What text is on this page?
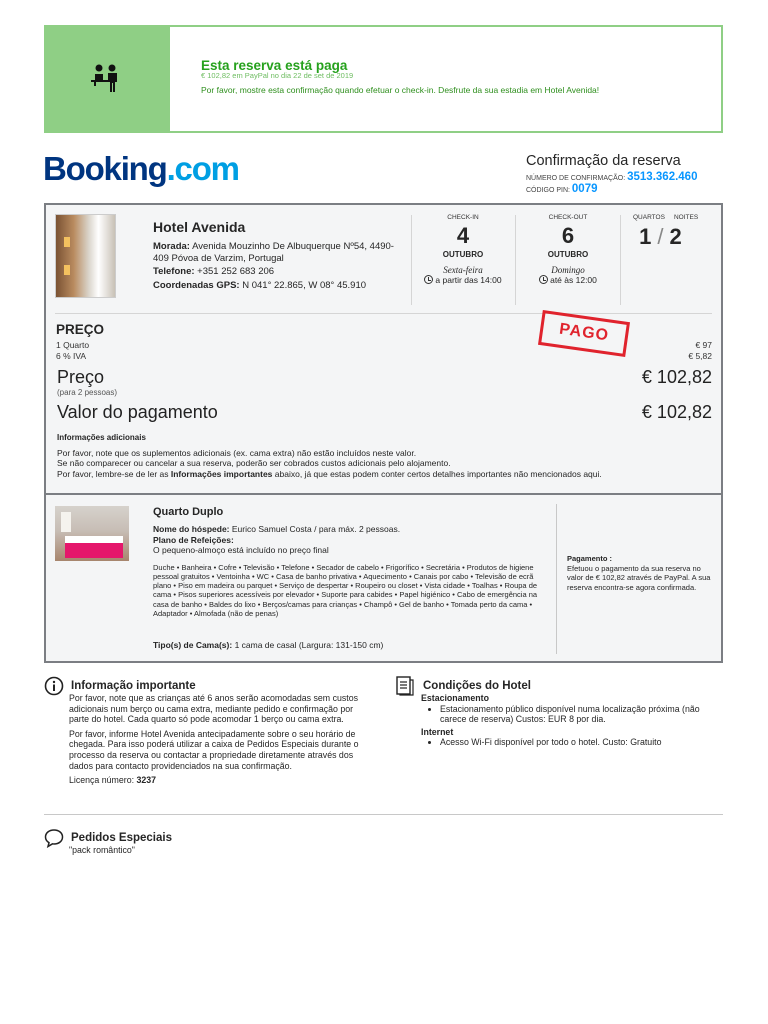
Esta reserva está paga
€ 102,82 em PayPal no dia 22 de set de 2019
Por favor, mostre esta confirmação quando efetuar o check-in. Desfrute da sua estadia em Hotel Avenida!
Booking.com	Confirmação da reserva
NÚMERO DE CONFIRMAÇÃO: 3513.362.460
CÓDIGO PIN: 0079
Hotel Avenida

Morada: Avenida Mouzinho De Albuquerque Nº54, 4490-409 Póvoa de Varzim, Portugal

Telefone: +351 252 683 206

Coordenadas GPS: N 041° 22.865, W 08° 45.910

CHECK-IN
4
OUTUBRO
Sexta-feira
a partir das 14:00
CHECK-OUT
6
OUTUBRO
Domingo
até às 12:00
QUARTOS NOITES
1 / 2
PREÇO
1 Quarto
6 % IVA
€ 97
€ 5,82
PAGO
Preço
(para 2 pessoas)
€ 102,82
Valor do pagamento	€ 102,82
Informações adicionais
Por favor, note que os suplementos adicionais (ex. cama extra) não estão incluídos neste valor.
Se não comparecer ou cancelar a sua reserva, poderão ser cobrados custos adicionais pelo alojamento.
Por favor, lembre-se de ler as Informações importantes abaixo, já que estas podem conter certos detalhes importantes não mencionados aqui.
Quarto Duplo
Nome do hóspede: Eurico Samuel Costa / para máx. 2 pessoas.
Plano de Refeições:
O pequeno-almoço está incluído no preço final
Duche • Banheira • Cofre • Televisão • Telefone • Secador de cabelo • Frigorífico • Secretária • Produtos de higiene pessoal gratuitos • Ventoinha • WC • Casa de banho privativa • Aquecimento • Canais por cabo • Televisão de ecrã plano • Piso em madeira ou parquet • Serviço de despertar • Roupeiro ou closet • Vista cidade • Toalhas • Roupa de cama • Pisos superiores acessíveis por elevador • Suporte para cabides • Papel higiénico • Cabo de emergência na casa de banho • Baldes do lixo • Berços/camas para crianças • Champô • Gel de banho • Tomada perto da cama • Adaptador • Almofada (não de penas)
Tipo(s) de Cama(s): 1 cama de casal (Largura: 131-150 cm)
Pagamento :
Efetuou o pagamento da sua reserva no valor de € 102,82 através de PayPal. A sua reserva encontra-se agora confirmada.
Informação importante

Por favor, note que as crianças até 6 anos serão acomodadas sem custos adicionais num berço ou cama extra, mediante pedido e confirmação por parte do hotel. Cada quarto só pode acomodar 1 berço ou cama extra.

Por favor, informe Hotel Avenida antecipadamente sobre o seu horário de chegada. Para isso poderá utilizar a caixa de Pedidos Especiais durante o processo da reserva ou contactar a propriedade diretamente através dos dados para contacto providenciados na sua confirmação.

Licença número: 3237

Condições do Hotel
Estacionamento
• Estacionamento público disponível numa localização próxima (não carece de reserva) Custos: EUR 8 por dia.
Internet
• Acesso Wi-Fi disponível por todo o hotel. Custo: Gratuito
Pedidos Especiais
"pack romântico"
